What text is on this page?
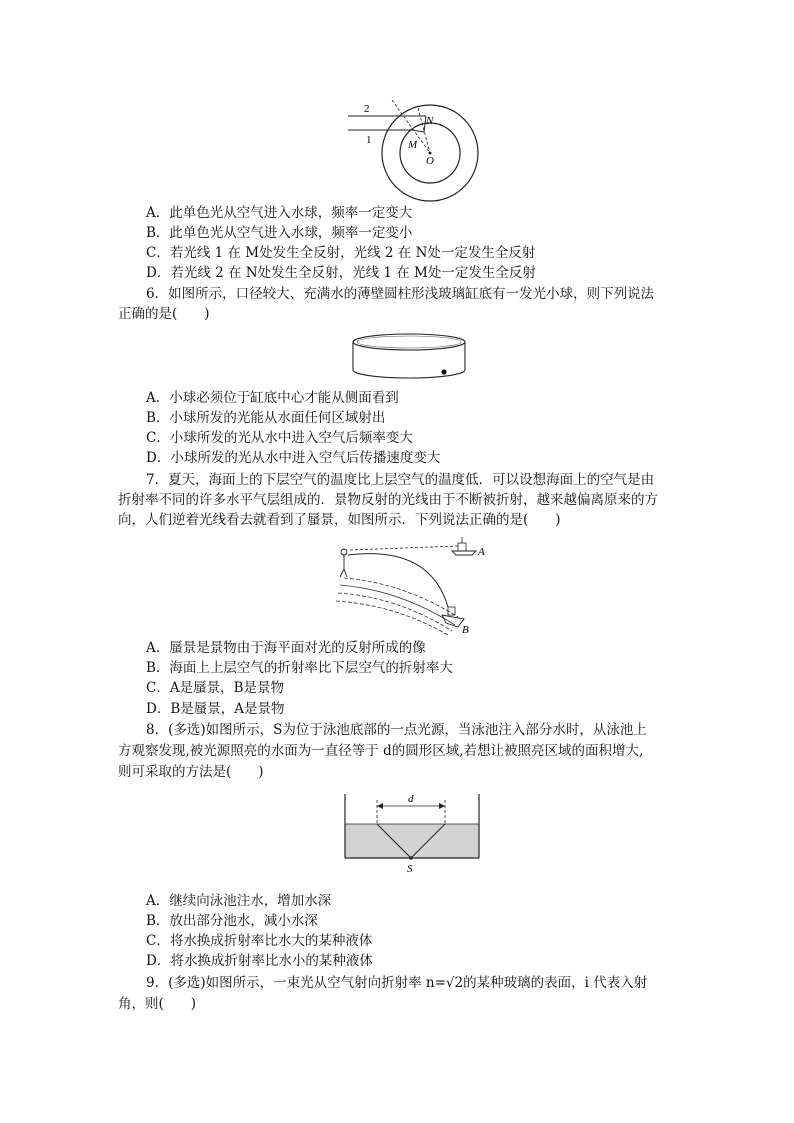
2
1
N
M
O
A．此单色光从空气进入水球，频率一定变大
B．此单色光从空气进入水球，频率一定变小
C．若光线 1 在 M处发生全反射，光线 2 在 N处一定发生全反射
D．若光线 2 在 N处发生全反射，光线 1 在 M处一定发生全反射
6．如图所示，口径较大、充满水的薄壁圆柱形浅玻璃缸底有一发光小球，则下列说法
正确的是(　　)
A．小球必须位于缸底中心才能从侧面看到
B．小球所发的光能从水面任何区域射出
C．小球所发的光从水中进入空气后频率变大
D．小球所发的光从水中进入空气后传播速度变大
7．夏天，海面上的下层空气的温度比上层空气的温度低．可以设想海面上的空气是由
折射率不同的许多水平气层组成的．景物反射的光线由于不断被折射，越来越偏离原来的方
向，人们逆着光线看去就看到了蜃景，如图所示．下列说法正确的是(　　)
A
B
A．蜃景是景物由于海平面对光的反射所成的像
B．海面上上层空气的折射率比下层空气的折射率大
C．A是蜃景，B是景物
D．B是蜃景，A是景物
8．(多选)如图所示，S为位于泳池底部的一点光源，当泳池注入部分水时，从泳池上
方观察发现,被光源照亮的水面为一直径等于 d的圆形区域,若想让被照亮区域的面积增大,
则可采取的方法是(　　)
d
S
A．继续向泳池注水，增加水深
B．放出部分池水，减小水深
C．将水换成折射率比水大的某种液体
D．将水换成折射率比水小的某种液体
9．(多选)如图所示，一束光从空气射向折射率 n=√2的某种玻璃的表面，i 代表入射
角，则(　　)
